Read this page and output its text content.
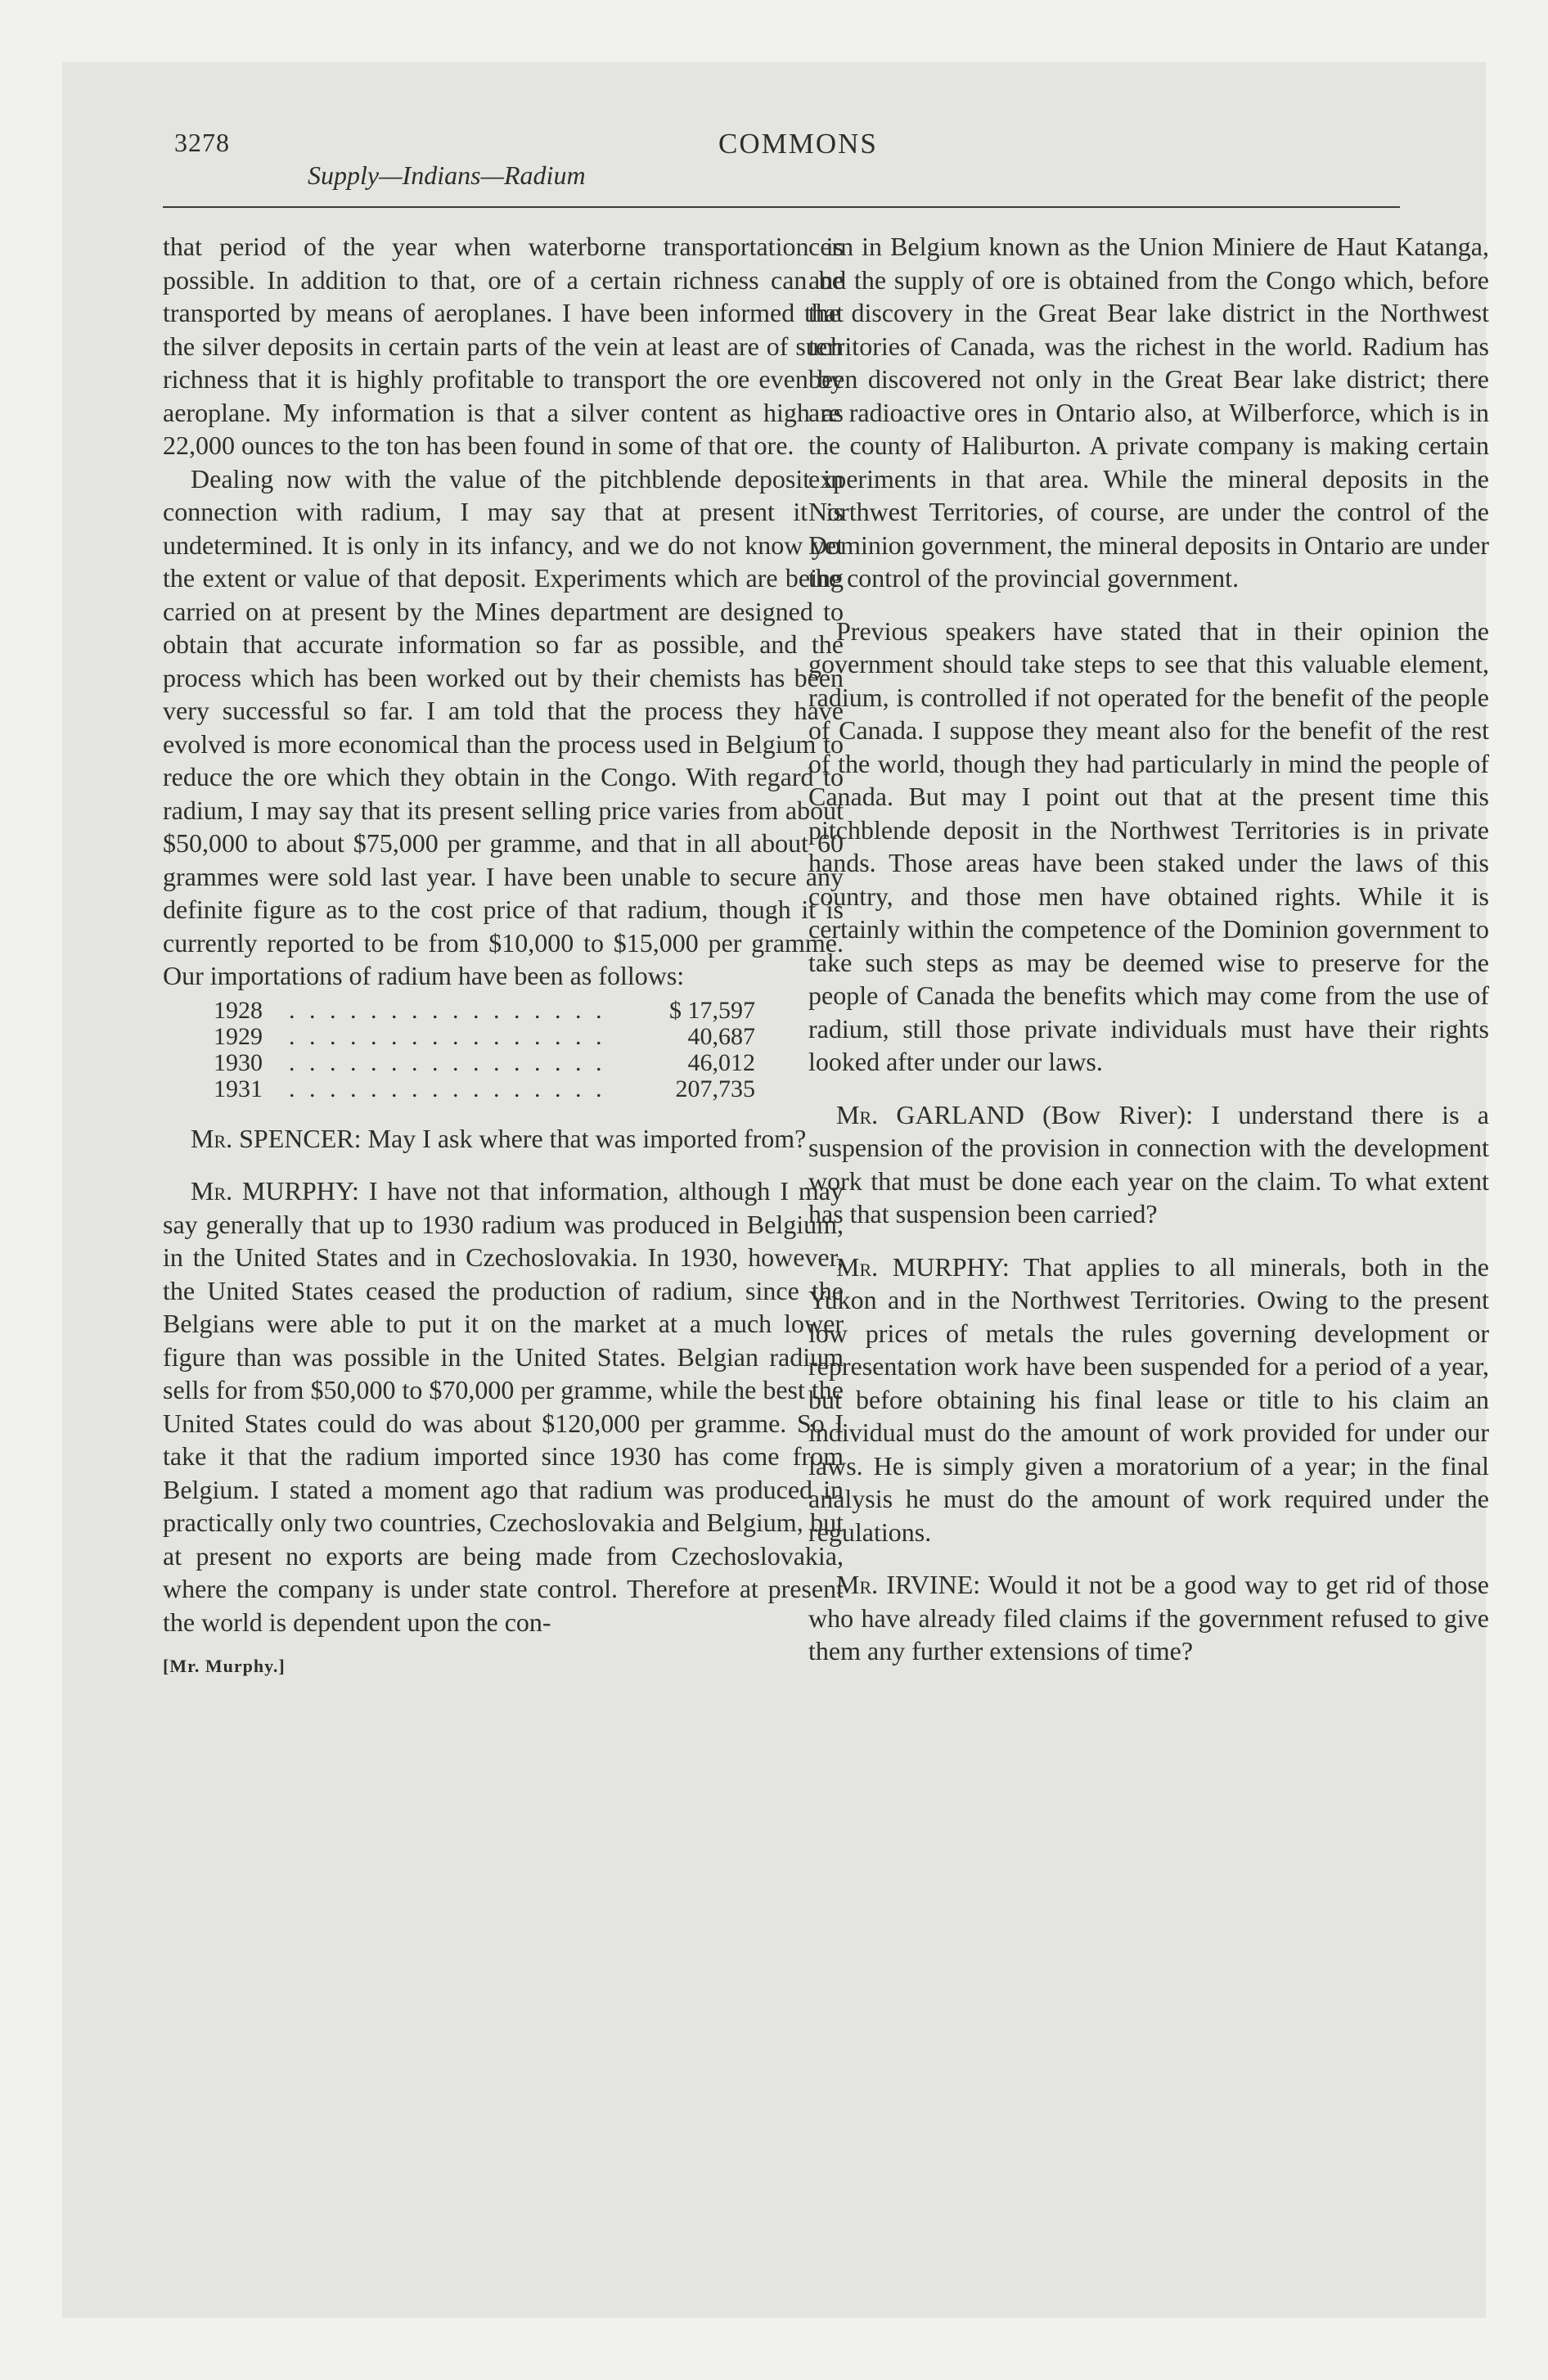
3278
Supply—Indians—Radium
COMMONS

that period of the year when waterborne transportation is possible. In addition to that, ore of a certain richness can be transported by means of aeroplanes. I have been informed that the silver deposits in certain parts of the vein at least are of such richness that it is highly profitable to transport the ore even by aeroplane. My information is that a silver content as high as 22,000 ounces to the ton has been found in some of that ore.

Dealing now with the value of the pitchblende deposit in connection with radium, I may say that at present it is undetermined. It is only in its infancy, and we do not know yet the extent or value of that deposit. Experiments which are being carried on at present by the Mines department are designed to obtain that accurate information so far as possible, and the process which has been worked out by their chemists has been very successful so far. I am told that the process they have evolved is more economical than the process used in Belgium to reduce the ore which they obtain in the Congo. With regard to radium, I may say that its present selling price varies from about $50,000 to about $75,000 per gramme, and that in all about 60 grammes were sold last year. I have been unable to secure any definite figure as to the cost price of that radium, though it is currently reported to be from $10,000 to $15,000 per gramme. Our importations of radium have been as follows:

1928	. . . . . . . . . . . . . . . .	$ 17,597
1929	. . . . . . . . . . . . . . . .	40,687
1930	. . . . . . . . . . . . . . . .	46,012
1931	. . . . . . . . . . . . . . . .	207,735

Mr. SPENCER: May I ask where that was imported from?

Mr. MURPHY: I have not that information, although I may say generally that up to 1930 radium was produced in Belgium, in the United States and in Czechoslovakia. In 1930, however, the United States ceased the production of radium, since the Belgians were able to put it on the market at a much lower figure than was possible in the United States. Belgian radium sells for from $50,000 to $70,000 per gramme, while the best the United States could do was about $120,000 per gramme. So I take it that the radium imported since 1930 has come from Belgium. I stated a moment ago that radium was produced in practically only two countries, Czechoslovakia and Belgium, but at present no exports are being made from Czechoslovakia, where the company is under state control. Therefore at present the world is dependent upon the con-

[Mr. Murphy.]

cern in Belgium known as the Union Miniere de Haut Katanga, and the supply of ore is obtained from the Congo which, before the discovery in the Great Bear lake district in the Northwest territories of Canada, was the richest in the world. Radium has been discovered not only in the Great Bear lake district; there are radioactive ores in Ontario also, at Wilberforce, which is in the county of Haliburton. A private company is making certain experiments in that area. While the mineral deposits in the Northwest Territories, of course, are under the control of the Dominion government, the mineral deposits in Ontario are under the control of the provincial government.

Previous speakers have stated that in their opinion the government should take steps to see that this valuable element, radium, is controlled if not operated for the benefit of the people of Canada. I suppose they meant also for the benefit of the rest of the world, though they had particularly in mind the people of Canada. But may I point out that at the present time this pitchblende deposit in the Northwest Territories is in private hands. Those areas have been staked under the laws of this country, and those men have obtained rights. While it is certainly within the competence of the Dominion government to take such steps as may be deemed wise to preserve for the people of Canada the benefits which may come from the use of radium, still those private individuals must have their rights looked after under our laws.

Mr. GARLAND (Bow River): I understand there is a suspension of the provision in connection with the development work that must be done each year on the claim. To what extent has that suspension been carried?

Mr. MURPHY: That applies to all minerals, both in the Yukon and in the Northwest Territories. Owing to the present low prices of metals the rules governing development or representation work have been suspended for a period of a year, but before obtaining his final lease or title to his claim an individual must do the amount of work provided for under our laws. He is simply given a moratorium of a year; in the final analysis he must do the amount of work required under the regulations.

Mr. IRVINE: Would it not be a good way to get rid of those who have already filed claims if the government refused to give them any further extensions of time?
